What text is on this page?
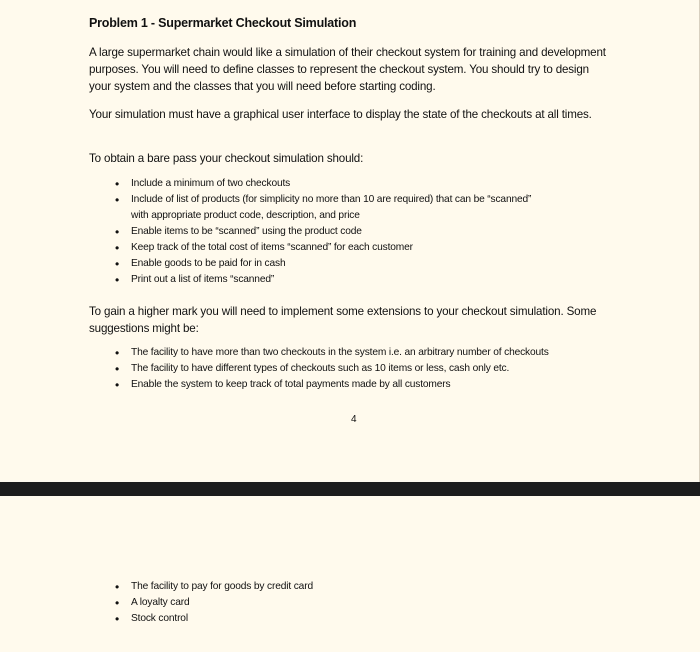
Problem 1 - Supermarket Checkout Simulation

A large supermarket chain would like a simulation of their checkout system for training and development purposes. You will need to define classes to represent the checkout system. You should try to design your system and the classes that you will need before starting coding.

Your simulation must have a graphical user interface to display the state of the checkouts at all times.

To obtain a bare pass your checkout simulation should:

• Include a minimum of two checkouts
• Include of list of products (for simplicity no more than 10 are required) that can be “scanned” with appropriate product code, description, and price
• Enable items to be “scanned” using the product code
• Keep track of the total cost of items “scanned” for each customer
• Enable goods to be paid for in cash
• Print out a list of items “scanned”

To gain a higher mark you will need to implement some extensions to your checkout simulation. Some suggestions might be:

• The facility to have more than two checkouts in the system i.e. an arbitrary number of checkouts
• The facility to have different types of checkouts such as 10 items or less, cash only etc.
• Enable the system to keep track of total payments made by all customers
4
• The facility to pay for goods by credit card
• A loyalty card
• Stock control
